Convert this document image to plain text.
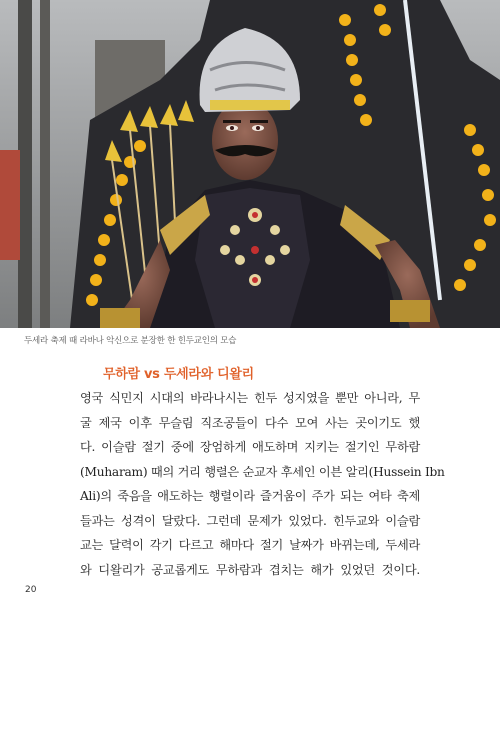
두세라 축제 때 라바나 악신으로 분장한 한 힌두교인의 모습
무하람 vs 두세라와 디왈리

영국 식민지 시대의 바라나시는 힌두 성지였을 뿐만 아니라, 무
굴 제국 이후 무슬림 직조공들이 다수 모여 사는 곳이기도 했
다. 이슬람 절기 중에 장엄하게 애도하며 지키는 절기인 무하람
(Muharam) 때의 거리 행렬은 순교자 후세인 이븐 알리(Hussein Ibn
Ali)의 죽음을 애도하는 행렬이라 즐거움이 주가 되는 여타 축제
들과는 성격이 달랐다. 그런데 문제가 있었다. 힌두교와 이슬람
교는 달력이 각기 다르고 해마다 절기 날짜가 바뀌는데, 두세라
와 디왈리가 공교롭게도 무하람과 겹치는 해가 있었던 것이다.

20
